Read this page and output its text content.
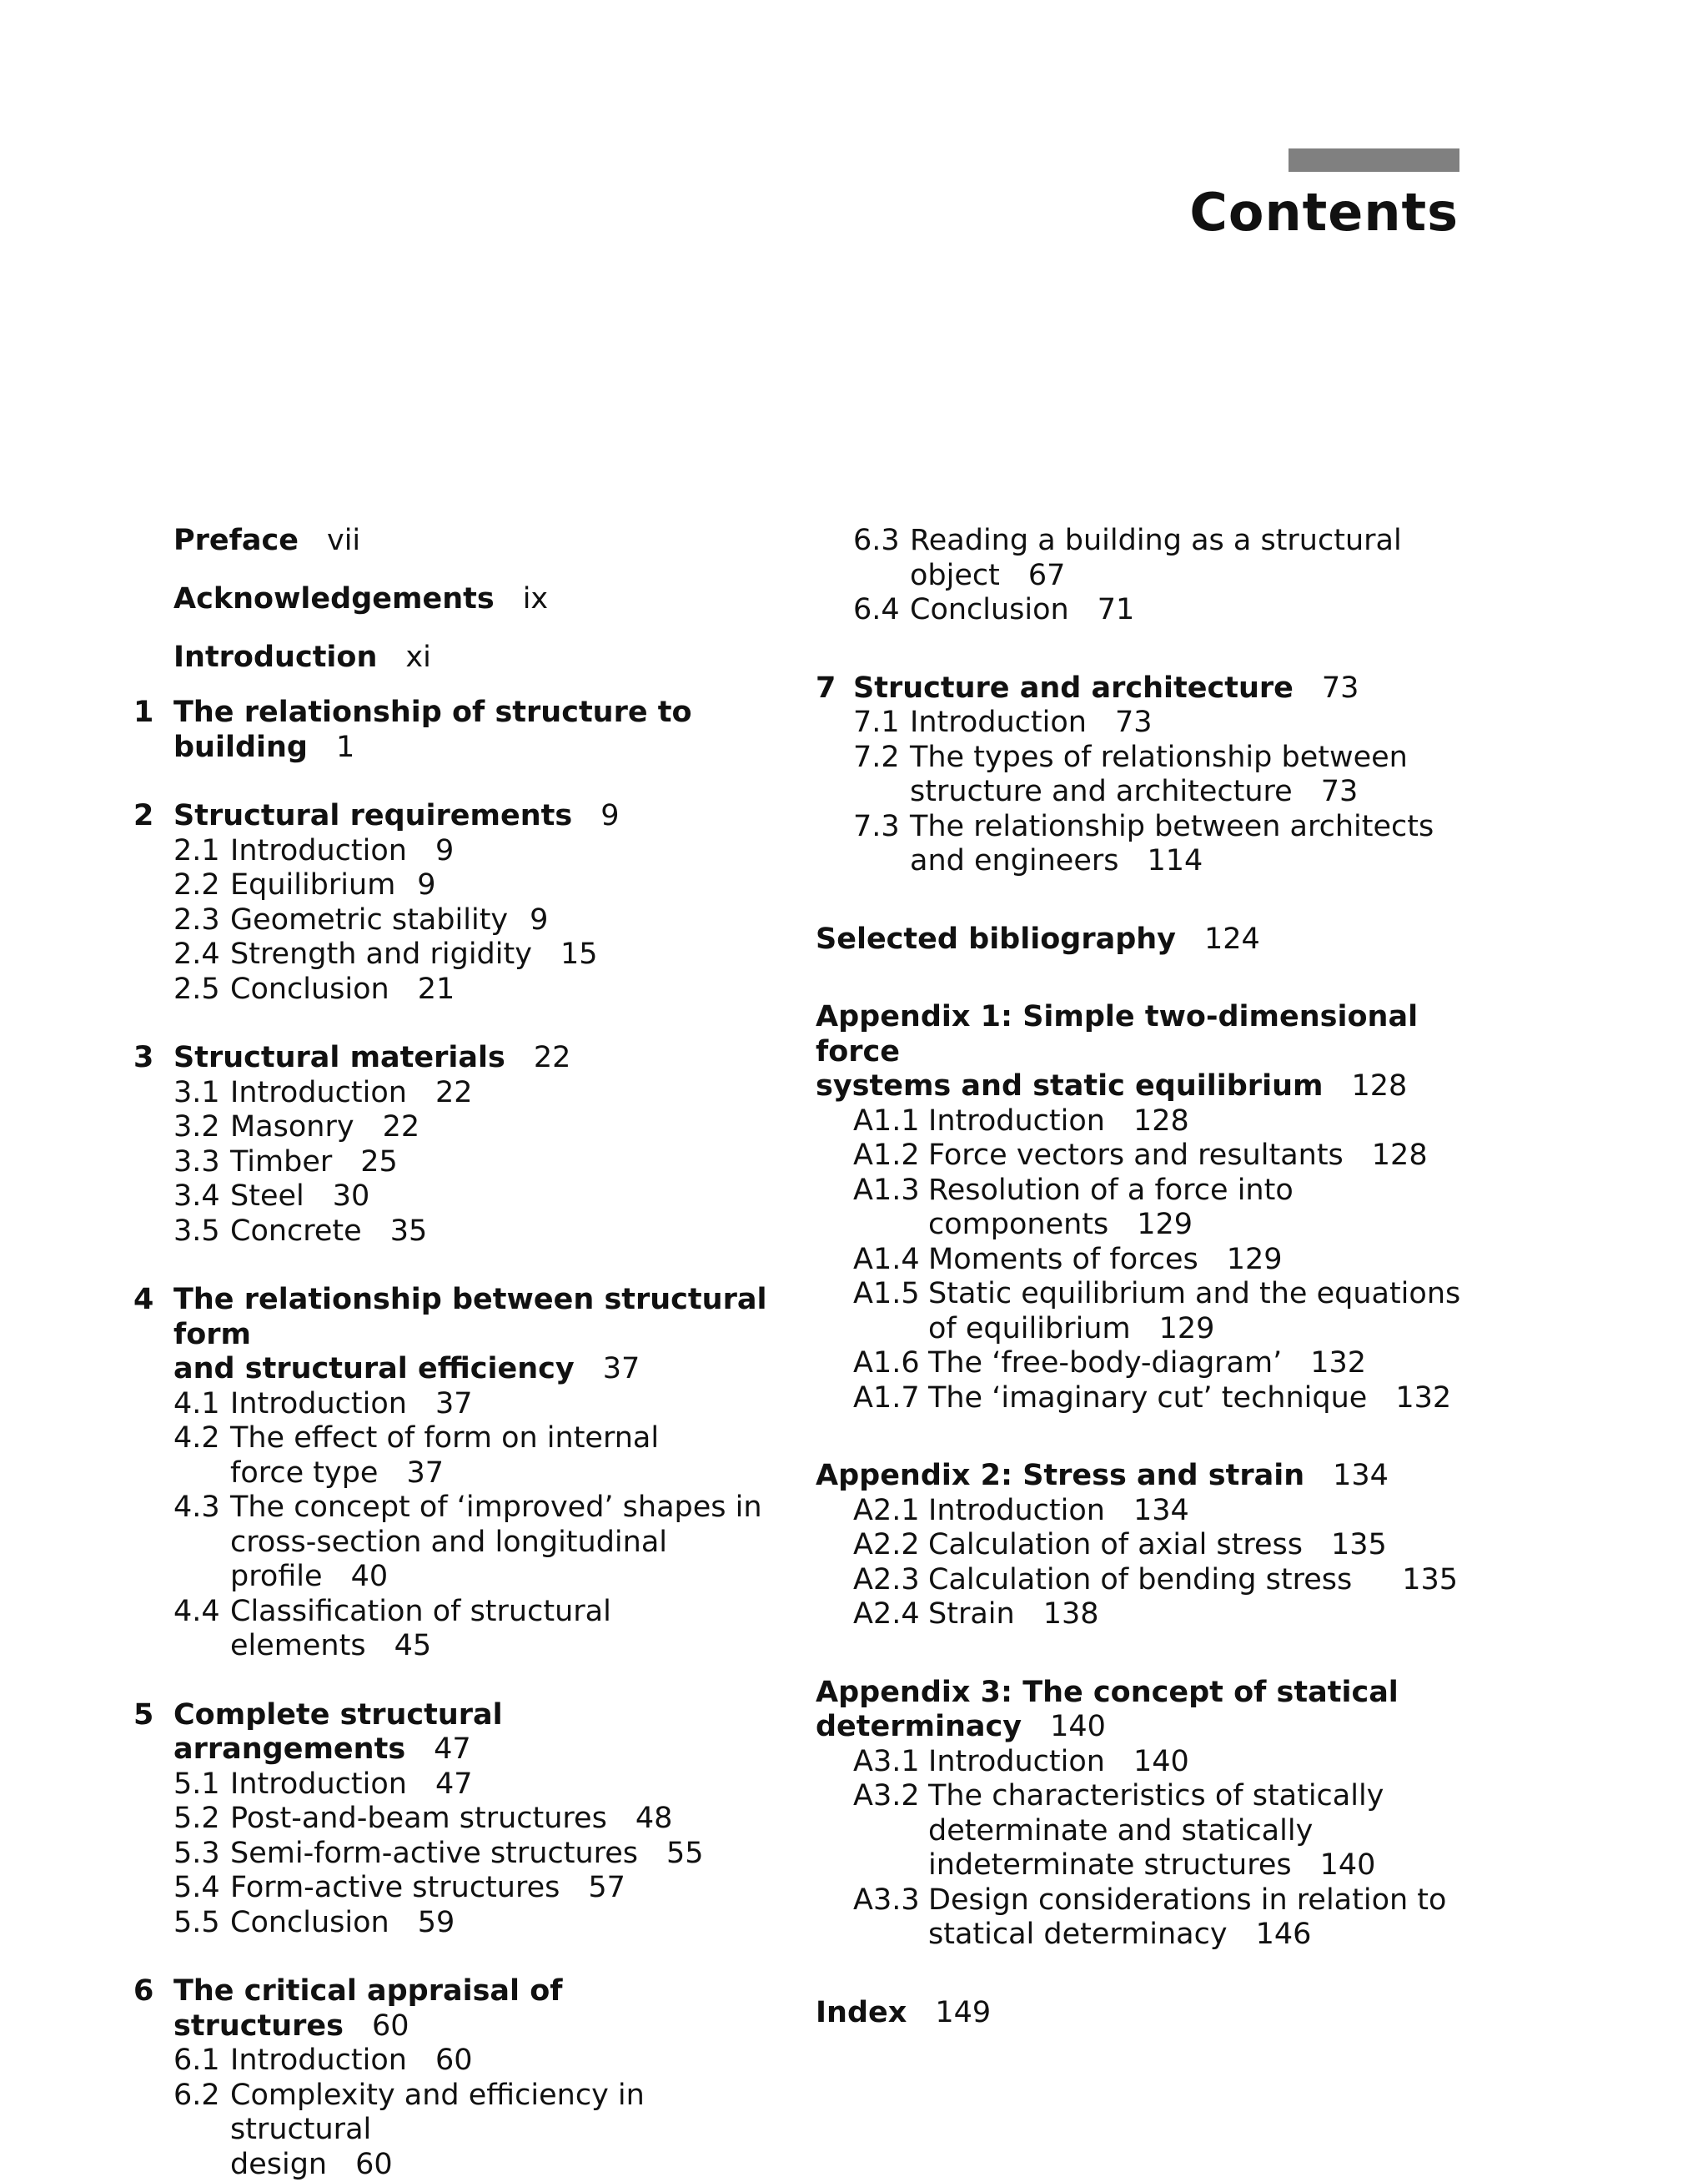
Contents
Preface vii
Acknowledgements ix
Introduction xi
1 The relationship of structure to building 1
2 Structural requirements 9
2.1 Introduction 9
2.2 Equilibrium 9
2.3 Geometric stability 9
2.4 Strength and rigidity 15
2.5 Conclusion 21
3 Structural materials 22
3.1 Introduction 22
3.2 Masonry 22
3.3 Timber 25
3.4 Steel 30
3.5 Concrete 35
4 The relationship between structural form
and structural efficiency 37
4.1 Introduction 37
4.2 The effect of form on internal
force type 37
4.3 The concept of ‘improved’ shapes in
cross-section and longitudinal
profile 40
4.4 Classification of structural elements 45
5 Complete structural arrangements 47
5.1 Introduction 47
5.2 Post-and-beam structures 48
5.3 Semi-form-active structures 55
5.4 Form-active structures 57
5.5 Conclusion 59
6 The critical appraisal of structures 60
6.1 Introduction 60
6.2 Complexity and efficiency in structural
design 60
6.3 Reading a building as a structural
object 67
6.4 Conclusion 71
7 Structure and architecture 73
7.1 Introduction 73
7.2 The types of relationship between
structure and architecture 73
7.3 The relationship between architects
and engineers 114
Selected bibliography 124
Appendix 1: Simple two-dimensional force
systems and static equilibrium 128
A1.1 Introduction 128
A1.2 Force vectors and resultants 128
A1.3 Resolution of a force into
components 129
A1.4 Moments of forces 129
A1.5 Static equilibrium and the equations
of equilibrium 129
A1.6 The ‘free-body-diagram’ 132
A1.7 The ‘imaginary cut’ technique 132
Appendix 2: Stress and strain 134
A2.1 Introduction 134
A2.2 Calculation of axial stress 135
A2.3 Calculation of bending stress 135
A2.4 Strain 138
Appendix 3: The concept of statical
determinacy 140
A3.1 Introduction 140
A3.2 The characteristics of statically
determinate and statically
indeterminate structures 140
A3.3 Design considerations in relation to
statical determinacy 146
Index 149
